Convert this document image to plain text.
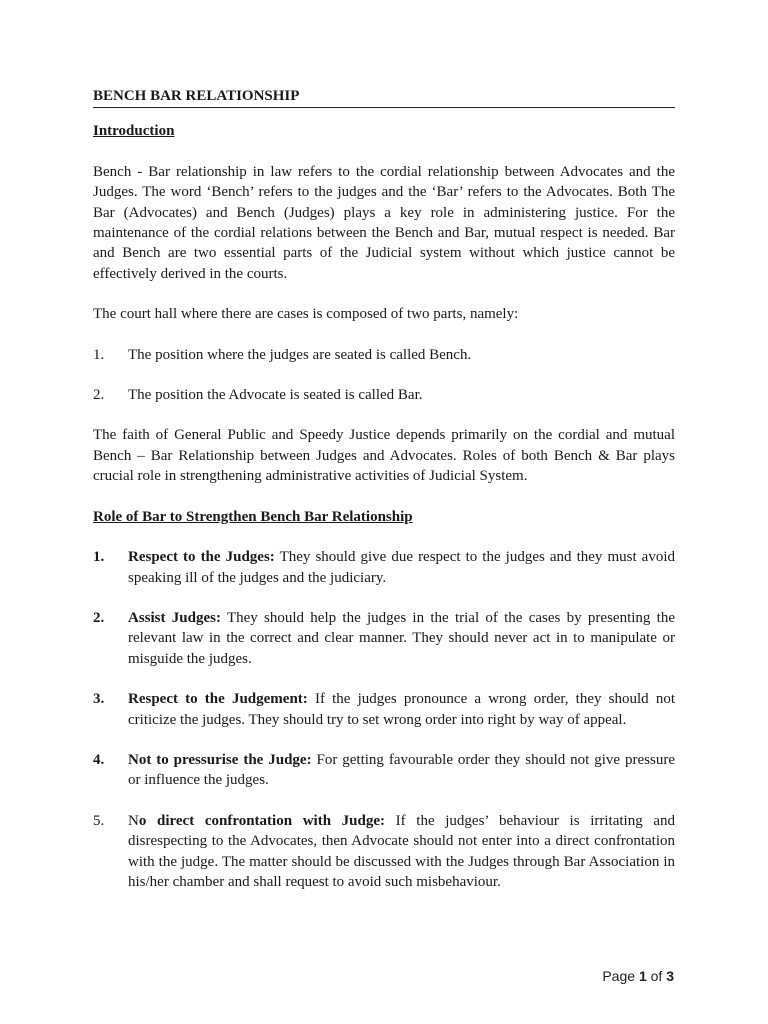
BENCH BAR RELATIONSHIP
Introduction

Bench - Bar relationship in law refers to the cordial relationship between Advocates and the Judges. The word ‘Bench’ refers to the judges and the ‘Bar’ refers to the Advocates. Both The Bar (Advocates) and Bench (Judges) plays a key role in administering justice. For the maintenance of the cordial relations between the Bench and Bar, mutual respect is needed. Bar and Bench are two essential parts of the Judicial system without which justice cannot be effectively derived in the courts.

The court hall where there are cases is composed of two parts, namely:

1. The position where the judges are seated is called Bench.
2. The position the Advocate is seated is called Bar.

The faith of General Public and Speedy Justice depends primarily on the cordial and mutual Bench – Bar Relationship between Judges and Advocates. Roles of both Bench & Bar plays crucial role in strengthening administrative activities of Judicial System.

Role of Bar to Strengthen Bench Bar Relationship
1. Respect to the Judges: They should give due respect to the judges and they must avoid speaking ill of the judges and the judiciary.
2. Assist Judges: They should help the judges in the trial of the cases by presenting the relevant law in the correct and clear manner. They should never act in to manipulate or misguide the judges.
3. Respect to the Judgement: If the judges pronounce a wrong order, they should not criticize the judges. They should try to set wrong order into right by way of appeal.
4. Not to pressurise the Judge: For getting favourable order they should not give pressure or influence the judges.
5. No direct confrontation with Judge: If the judges’ behaviour is irritating and disrespecting to the Advocates, then Advocate should not enter into a direct confrontation with the judge. The matter should be discussed with the Judges through Bar Association in his/her chamber and shall request to avoid such misbehaviour.
Page 1 of 3
